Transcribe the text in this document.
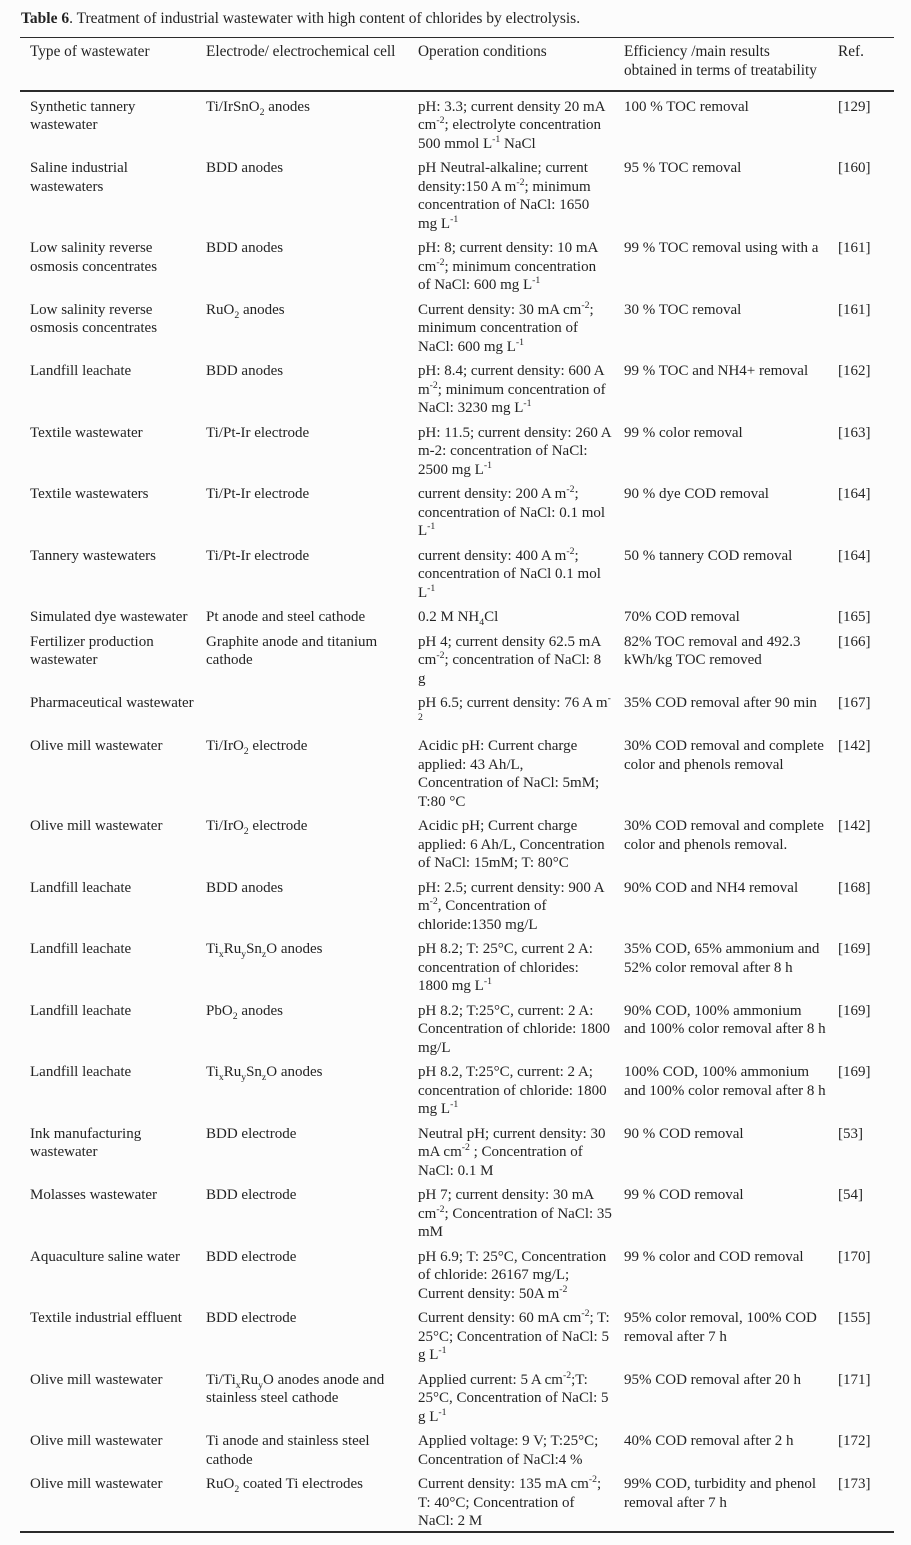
Table 6. Treatment of industrial wastewater with high content of chlorides by electrolysis.

Type of wastewater	Electrode/ electrochemical cell	Operation conditions	Efficiency /main results obtained in terms of treatability	Ref.
Synthetic tannery wastewater	Ti/IrSnO$_2$ anodes	pH: 3.3; current density 20 mA $cm^{-2}$; electrolyte concentration 500 mmol $L^{-1}$ NaCl	100 % TOC removal	[129]
Saline industrial wastewaters	BDD anodes	pH Neutral-alkaline; current density:150 A $m^{-2}$; minimum concentration of NaCl: 1650 mg $L^{-1}$	95 % TOC removal	[160]
Low salinity reverse osmosis concentrates	BDD anodes	pH: 8; current density: 10 mA $cm^{-2}$; minimum concentration of NaCl: 600 mg $L^{-1}$	99 % TOC removal using with a	[161]
Low salinity reverse osmosis concentrates	RuO$_2$ anodes	Current density: 30 mA $cm^{-2}$; minimum concentration of NaCl: 600 mg $L^{-1}$	30 % TOC removal	[161]
Landfill leachate	BDD anodes	pH: 8.4; current density: 600 A $m^{-2}$; minimum concentration of NaCl: 3230 mg $L^{-1}$	99 % TOC and NH4+ removal	[162]
Textile wastewater	Ti/Pt-Ir electrode	pH: 11.5; current density: 260 A m-2: concentration of NaCl: 2500 mg $L^{-1}$	99 % color removal	[163]
Textile wastewaters	Ti/Pt-Ir electrode	current density: 200 A $m^{-2}$; concentration of NaCl: 0.1 mol $L^{-1}$	90 % dye COD removal	[164]
Tannery wastewaters	Ti/Pt-Ir electrode	current density: 400 A $m^{-2}$; concentration of NaCl 0.1 mol $L^{-1}$	50 % tannery COD removal	[164]
Simulated dye wastewater	Pt anode and steel cathode	0.2 M $NH_4Cl$	70% COD removal	[165]
Fertilizer production wastewater	Graphite anode and titanium cathode	pH 4; current density 62.5 mA $cm^{-2}$; concentration of NaCl: 8 g	82% TOC removal and 492.3 kWh/kg TOC removed	[166]
Pharmaceutical wastewater		pH 6.5; current density: 76 A $m^{-2}$	35% COD removal after 90 min	[167]
Olive mill wastewater	Ti/IrO$_2$ electrode	Acidic pH: Current charge applied: 43 Ah/L, Concentration of NaCl: 5mM; T:80 °C	30% COD removal and complete color and phenols removal	[142]
Olive mill wastewater	Ti/IrO$_2$ electrode	Acidic pH; Current charge applied: 6 Ah/L, Concentration of NaCl: 15mM; T: 80°C	30% COD removal and complete color and phenols removal.	[142]
Landfill leachate	BDD anodes	pH: 2.5; current density: 900 A $m^{-2}$, Concentration of chloride:1350 mg/L	90% COD and NH4 removal	[168]
Landfill leachate	$Ti_xRu_ySn_zO$ anodes	pH 8.2; T: 25°C, current 2 A: concentration of chlorides: 1800 mg $L^{-1}$	35% COD, 65% ammonium and 52% color removal after 8 h	[169]
Landfill leachate	PbO$_2$ anodes	pH 8.2; T:25°C, current: 2 A: Concentration of chloride: 1800 mg/L	90% COD, 100% ammonium and 100% color removal after 8 h	[169]
Landfill leachate	$Ti_xRu_ySn_zO$ anodes	pH 8.2, T:25°C, current: 2 A; concentration of chloride: 1800 mg $L^{-1}$	100% COD, 100% ammonium and 100% color removal after 8 h	[169]
Ink manufacturing wastewater	BDD electrode	Neutral pH; current density: 30 mA $cm^{-2}$ ; Concentration of NaCl: 0.1 M	90 % COD removal	[53]
Molasses wastewater	BDD electrode	pH 7; current density: 30 mA $cm^{-2}$; Concentration of NaCl: 35 mM	99 % COD removal	[54]
Aquaculture saline water	BDD electrode	pH 6.9; T: 25°C, Concentration of chloride: 26167 mg/L; Current density: 50A $m^{-2}$	99 % color and COD removal	[170]
Textile industrial effluent	BDD electrode	Current density: 60 mA $cm^{-2}$; T: 25°C; Concentration of NaCl: 5 g $L^{-1}$	95% color removal, 100% COD removal after 7 h	[155]
Olive mill wastewater	$Ti/Ti_xRu_yO$ anodes anode and stainless steel cathode	Applied current: 5 A $cm^{-2};T$: 25°C, Concentration of NaCl: 5 g $L^{-1}$	95% COD removal after 20 h	[171]
Olive mill wastewater	Ti anode and stainless steel cathode	Applied voltage: 9 V; T:25°C; Concentration of NaCl:4 %	40% COD removal after 2 h	[172]
Olive mill wastewater	RuO$_2$ coated Ti electrodes	Current density: 135 mA $cm^{-2}$; T: 40°C; Concentration of NaCl: 2 M	99% COD, turbidity and phenol removal after 7 h	[173]
